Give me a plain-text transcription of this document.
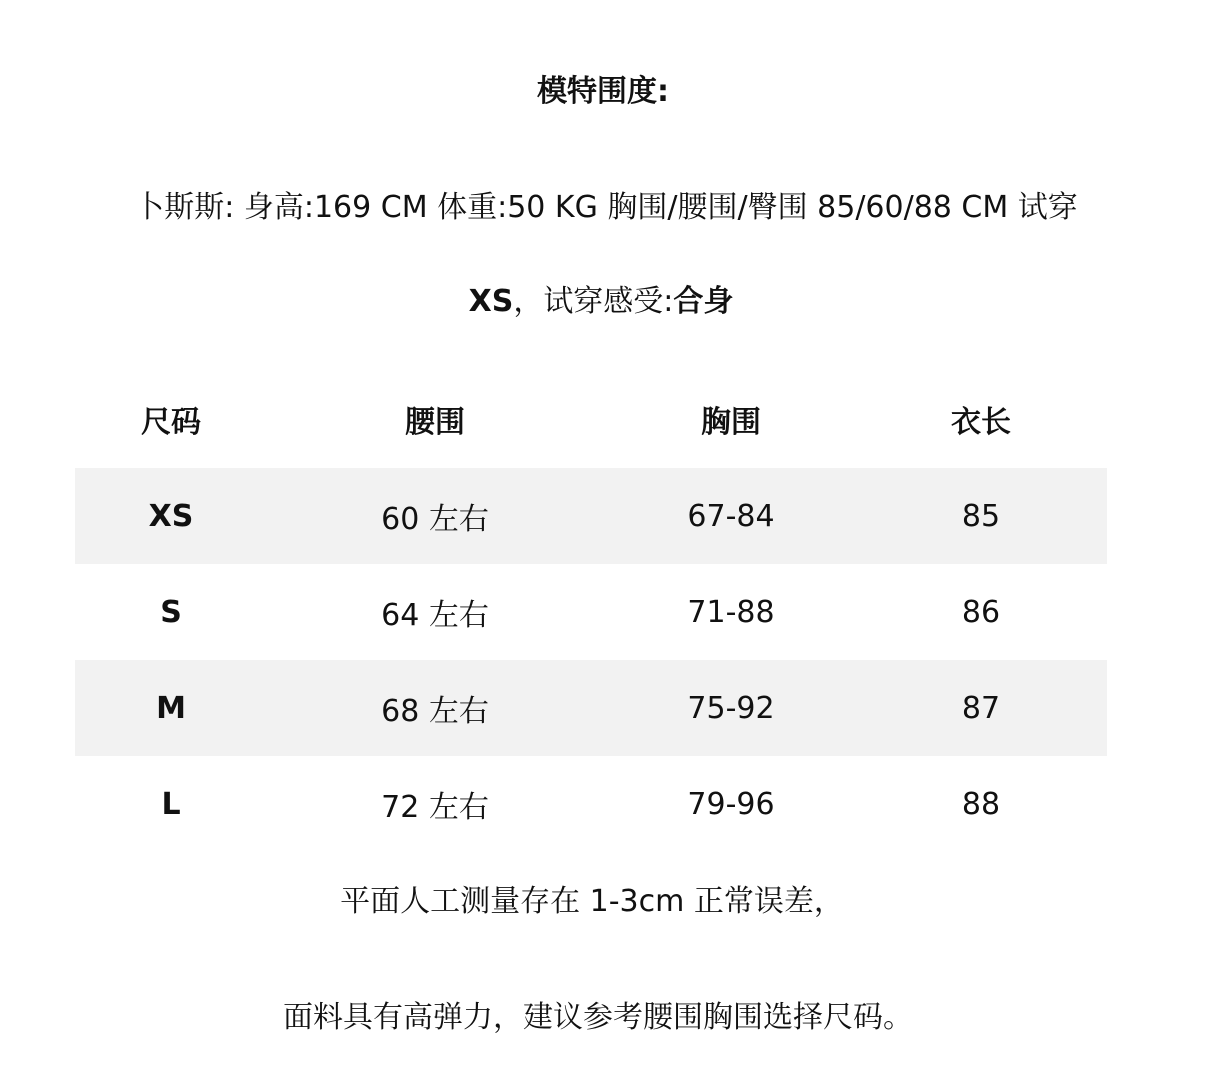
模特围度:
卜斯斯: 身高:169 CM 体重:50 KG 胸围/腰围/臀围 85/60/88 CM 试穿
XS，试穿感受:合身
尺码	腰围	胸围	衣长
XS	60 左右	67-84	85
S	64 左右	71-88	86
M	68 左右	75-92	87
L	72 左右	79-96	88
平面人工测量存在 1-3cm 正常误差，
面料具有高弹力，建议参考腰围胸围选择尺码。
